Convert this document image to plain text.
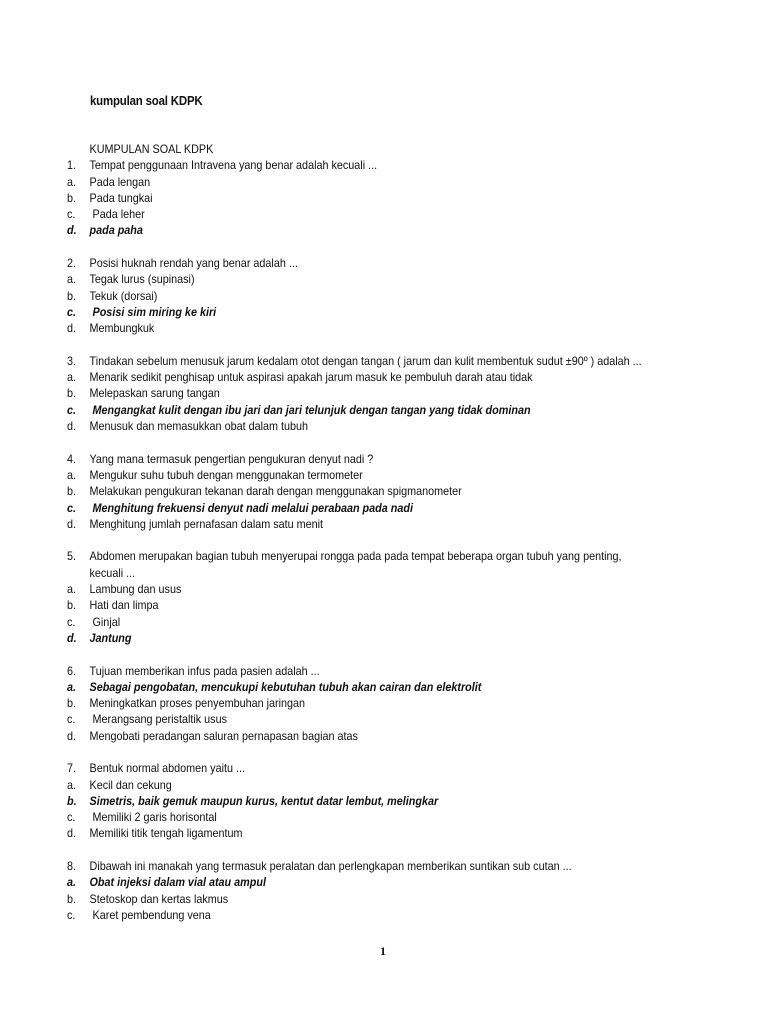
kumpulan soal KDPK
KUMPULAN SOAL KDPK
1.	Tempat penggunaan Intravena yang benar adalah kecuali ...
a.	Pada lengan
b.	Pada tungkai
c.	Pada leher
d.	pada paha
2.	Posisi huknah rendah yang benar adalah ...
a.	Tegak lurus (supinasi)
b.	Tekuk (dorsai)
c.	Posisi sim miring ke kiri
d.	Membungkuk
3.	Tindakan sebelum menusuk jarum kedalam otot dengan tangan ( jarum dan kulit membentuk sudut ±90º ) adalah ...
a.	Menarik sedikit penghisap untuk aspirasi apakah jarum masuk ke pembuluh darah atau tidak
b.	Melepaskan sarung tangan
c.	Mengangkat kulit dengan ibu jari dan jari telunjuk dengan tangan yang tidak dominan
d.	Menusuk dan memasukkan obat dalam tubuh
4.	Yang mana termasuk pengertian pengukuran denyut nadi ?
a.	Mengukur suhu tubuh dengan menggunakan termometer
b.	Melakukan pengukuran tekanan darah dengan menggunakan spigmanometer
c.	Menghitung frekuensi denyut nadi melalui perabaan pada nadi
d.	Menghitung jumlah pernafasan dalam satu menit
5.	Abdomen merupakan bagian tubuh menyerupai rongga pada pada tempat beberapa organ tubuh yang penting,
kecuali ...
a.	Lambung dan usus
b.	Hati dan limpa
c.	Ginjal
d.	Jantung
6.	Tujuan memberikan infus pada pasien adalah ...
a.	Sebagai pengobatan, mencukupi kebutuhan tubuh akan cairan dan elektrolit
b.	Meningkatkan proses penyembuhan jaringan
c.	Merangsang peristaltik usus
d.	Mengobati peradangan saluran pernapasan bagian atas
7.	Bentuk normal abdomen yaitu ...
a.	Kecil dan cekung
b.	Simetris, baik gemuk maupun kurus, kentut datar lembut, melingkar
c.	Memiliki 2 garis horisontal
d.	Memiliki titik tengah ligamentum
8.	Dibawah ini manakah yang termasuk peralatan dan perlengkapan memberikan suntikan sub cutan ...
a.	Obat injeksi dalam vial atau ampul
b.	Stetoskop dan kertas lakmus
c.	Karet pembendung vena
1
